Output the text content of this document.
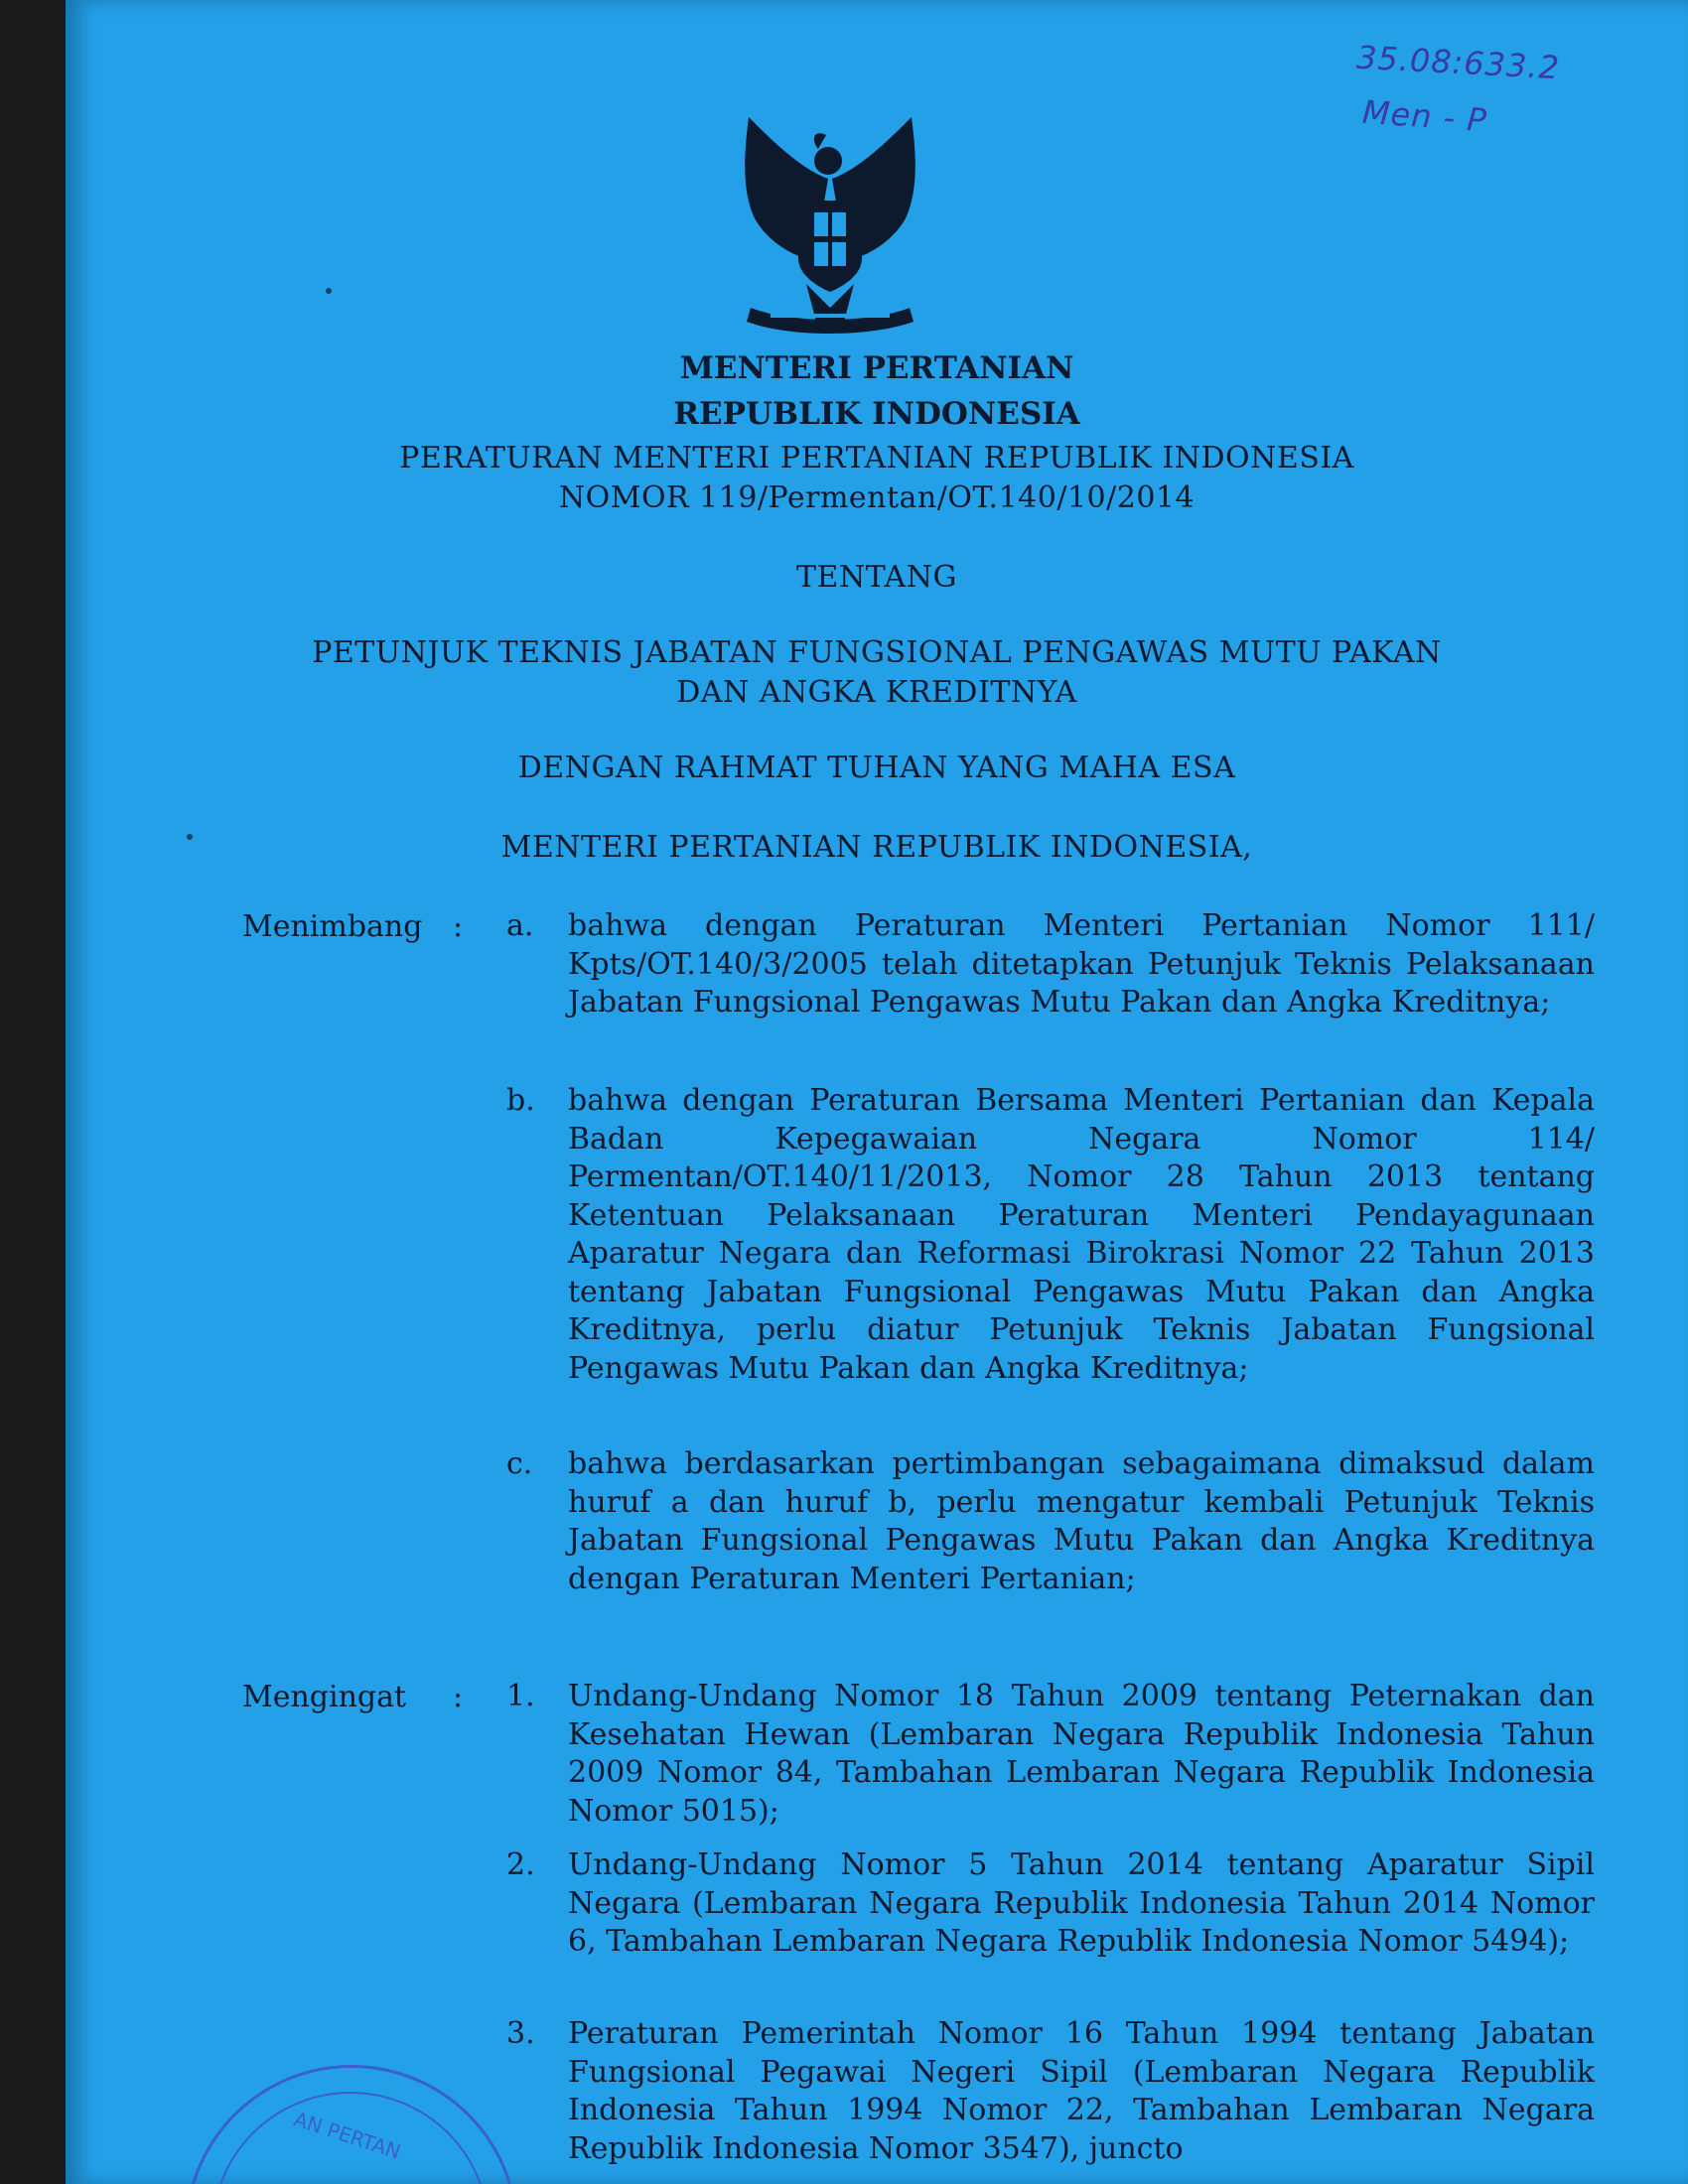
35.08:633.2
Men - P
MENTERI PERTANIAN
REPUBLIK INDONESIA
PERATURAN MENTERI PERTANIAN REPUBLIK INDONESIA
NOMOR 119/Permentan/OT.140/10/2014
TENTANG
PETUNJUK TEKNIS JABATAN FUNGSIONAL PENGAWAS MUTU PAKAN
DAN ANGKA KREDITNYA
DENGAN RAHMAT TUHAN YANG MAHA ESA
MENTERI PERTANIAN REPUBLIK INDONESIA,
Menimbang : a.	bahwa dengan Peraturan Menteri Pertanian Nomor 111/ Kpts/OT.140/3/2005 telah ditetapkan Petunjuk Teknis Pelaksanaan Jabatan Fungsional Pengawas Mutu Pakan dan Angka Kreditnya;
b.	bahwa dengan Peraturan Bersama Menteri Pertanian dan Kepala Badan Kepegawaian Negara Nomor 114/ Permentan/OT.140/11/2013, Nomor 28 Tahun 2013 tentang Ketentuan Pelaksanaan Peraturan Menteri Pendayagunaan Aparatur Negara dan Reformasi Birokrasi Nomor 22 Tahun 2013 tentang Jabatan Fungsional Pengawas Mutu Pakan dan Angka Kreditnya, perlu diatur Petunjuk Teknis Jabatan Fungsional Pengawas Mutu Pakan dan Angka Kreditnya;
c.	bahwa berdasarkan pertimbangan sebagaimana dimaksud dalam huruf a dan huruf b, perlu mengatur kembali Petunjuk Teknis Jabatan Fungsional Pengawas Mutu Pakan dan Angka Kreditnya dengan Peraturan Menteri Pertanian;
Mengingat : 1.	Undang-Undang Nomor 18 Tahun 2009 tentang Peternakan dan Kesehatan Hewan (Lembaran Negara Republik Indonesia Tahun 2009 Nomor 84, Tambahan Lembaran Negara Republik Indonesia Nomor 5015);
2.	Undang-Undang Nomor 5 Tahun 2014 tentang Aparatur Sipil Negara (Lembaran Negara Republik Indonesia Tahun 2014 Nomor 6, Tambahan Lembaran Negara Republik Indonesia Nomor 5494);
3.	Peraturan Pemerintah Nomor 16 Tahun 1994 tentang Jabatan Fungsional Pegawai Negeri Sipil (Lembaran Negara Republik Indonesia Tahun 1994 Nomor 22, Tambahan Lembaran Negara Republik Indonesia Nomor 3547), juncto
AN PERTAN
